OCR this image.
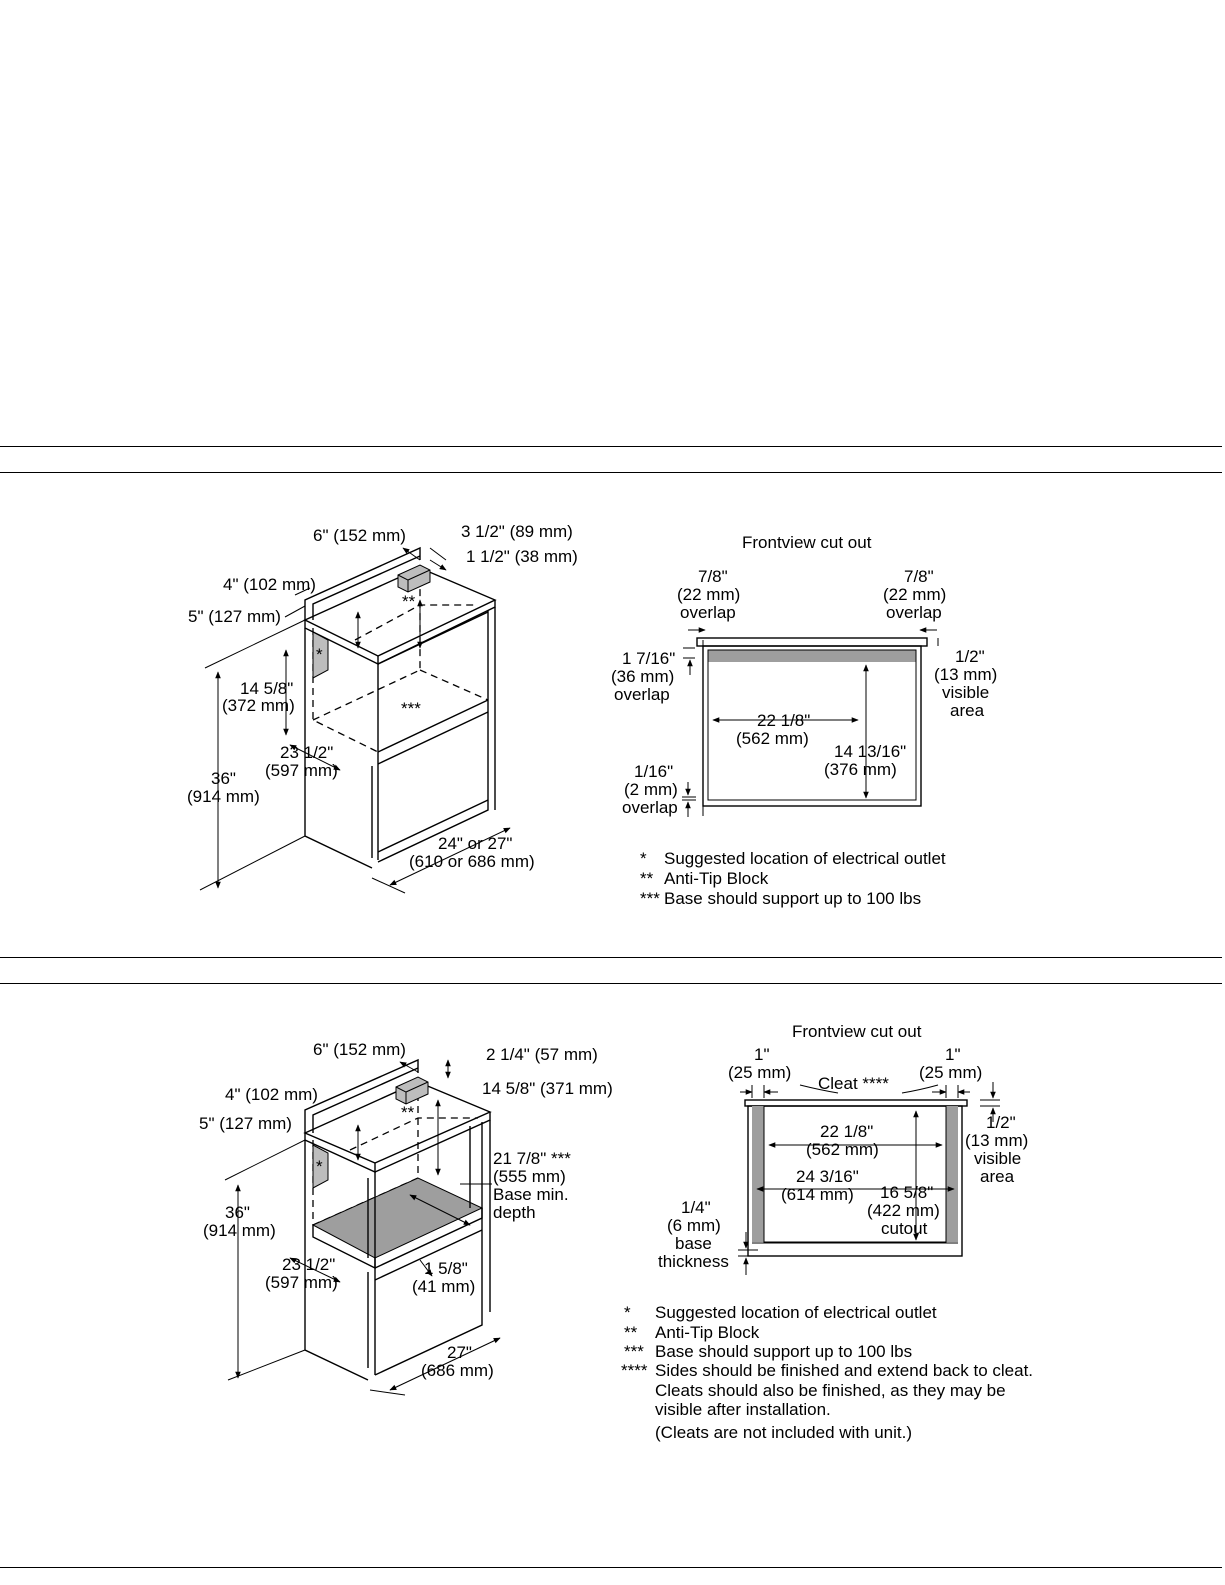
6" (152 mm)	3 1/2" (89 mm)
1 1/2" (38 mm)
4" (102 mm)
5" (127 mm)
14 5/8"
(372 mm)
23 1/2"
(597 mm)
36"
(914 mm)
24" or 27"
(610 or 686 mm)
*
**
***
Frontview cut out
7/8"
(22 mm)
overlap
7/8"
(22 mm)
overlap
1 7/16"
(36 mm)
overlap
1/2"
(13 mm)
visible
area
22 1/8"
(562 mm)
14 13/16"
(376 mm)
1/16"
(2 mm)
overlap
* Suggested location of electrical outlet
** Anti-Tip Block
*** Base should support up to 100 lbs
6" (152 mm)	2 1/4" (57 mm)
14 5/8" (371 mm)
4" (102 mm)
5" (127 mm)
21 7/8" ***
(555 mm)
Base min.
depth
36"
(914 mm)
23 1/2"
(597 mm)
1 5/8"
(41 mm)
27"
(686 mm)
*
**
Frontview cut out
1"
(25 mm)
1"
(25 mm)
Cleat ****
1/2"
(13 mm)
visible
area
22 1/8"
(562 mm)
24 3/16"
(614 mm) 16 5/8"
(422 mm)
cutout
1/4"
(6 mm)
base
thickness
* Suggested location of electrical outlet
** Anti-Tip Block
*** Base should support up to 100 lbs
**** Sides should be finished and extend back to cleat.
Cleats should also be finished, as they may be
visible after installation.
(Cleats are not included with unit.)
